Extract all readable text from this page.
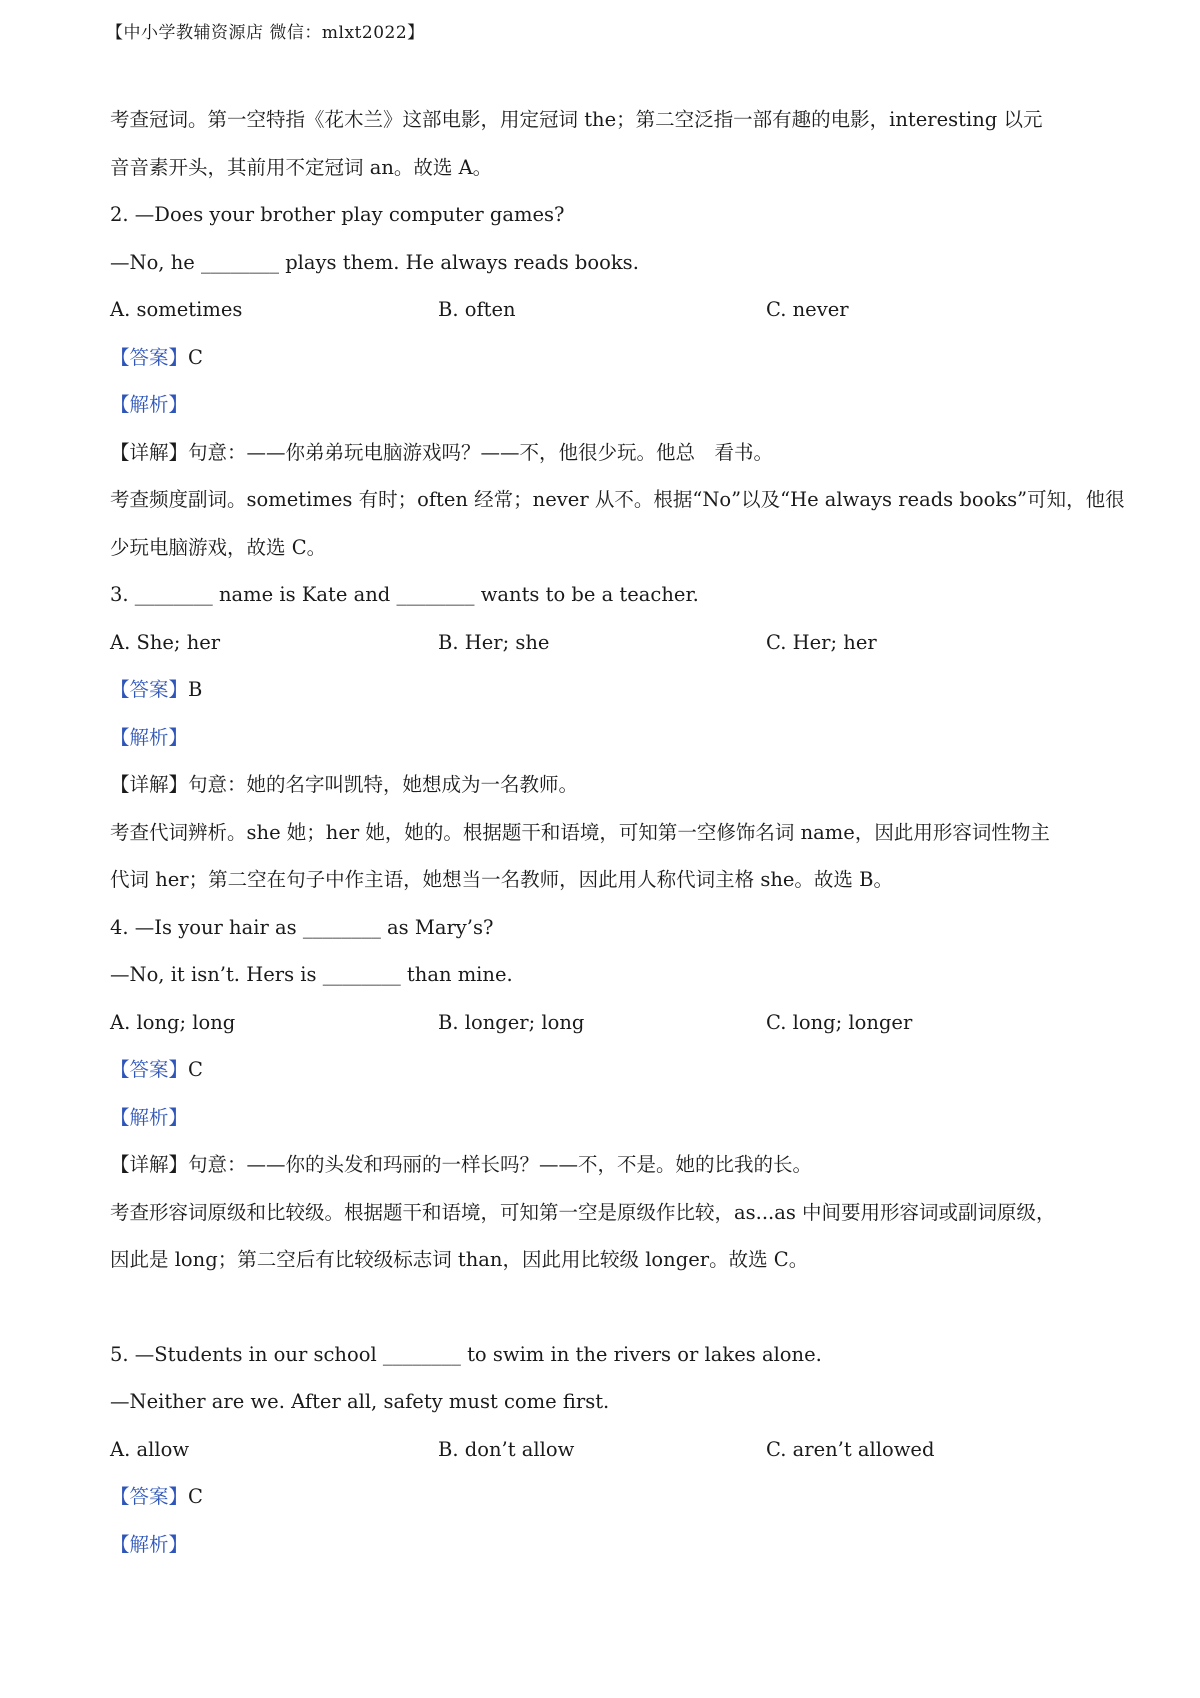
【中小学教辅资源店 微信：mlxt2022】
考查冠词。第一空特指《花木兰》这部电影，用定冠词 the；第二空泛指一部有趣的电影，interesting 以元
音音素开头，其前用不定冠词 an。故选 A。
2. —Does your brother play computer games?
—No, he ________ plays them. He always reads books.
A. sometimes	B. often	C. never
【答案】C
【解析】
【详解】句意：——你弟弟玩电脑游戏吗？——不，他很少玩。他总　看书。
考查频度副词。sometimes 有时；often 经常；never 从不。根据“No”以及“He always reads books”可知，他很
少玩电脑游戏，故选 C。
3. ________ name is Kate and ________ wants to be a teacher.
A. She; her	B. Her; she	C. Her; her
【答案】B
【解析】
【详解】句意：她的名字叫凯特，她想成为一名教师。
考查代词辨析。she 她；her 她，她的。根据题干和语境，可知第一空修饰名词 name，因此用形容词性物主
代词 her；第二空在句子中作主语，她想当一名教师，因此用人称代词主格 she。故选 B。
4. —Is your hair as ________ as Mary’s?
—No, it isn’t. Hers is ________ than mine.
A. long; long	B. longer; long	C. long; longer
【答案】C
【解析】
【详解】句意：——你的头发和玛丽的一样长吗？——不，不是。她的比我的长。
考查形容词原级和比较级。根据题干和语境，可知第一空是原级作比较，as...as 中间要用形容词或副词原级，
因此是 long；第二空后有比较级标志词 than，因此用比较级 longer。故选 C。
5. —Students in our school ________ to swim in the rivers or lakes alone.
—Neither are we. After all, safety must come first.
A. allow	B. don’t allow	C. aren’t allowed
【答案】C
【解析】
